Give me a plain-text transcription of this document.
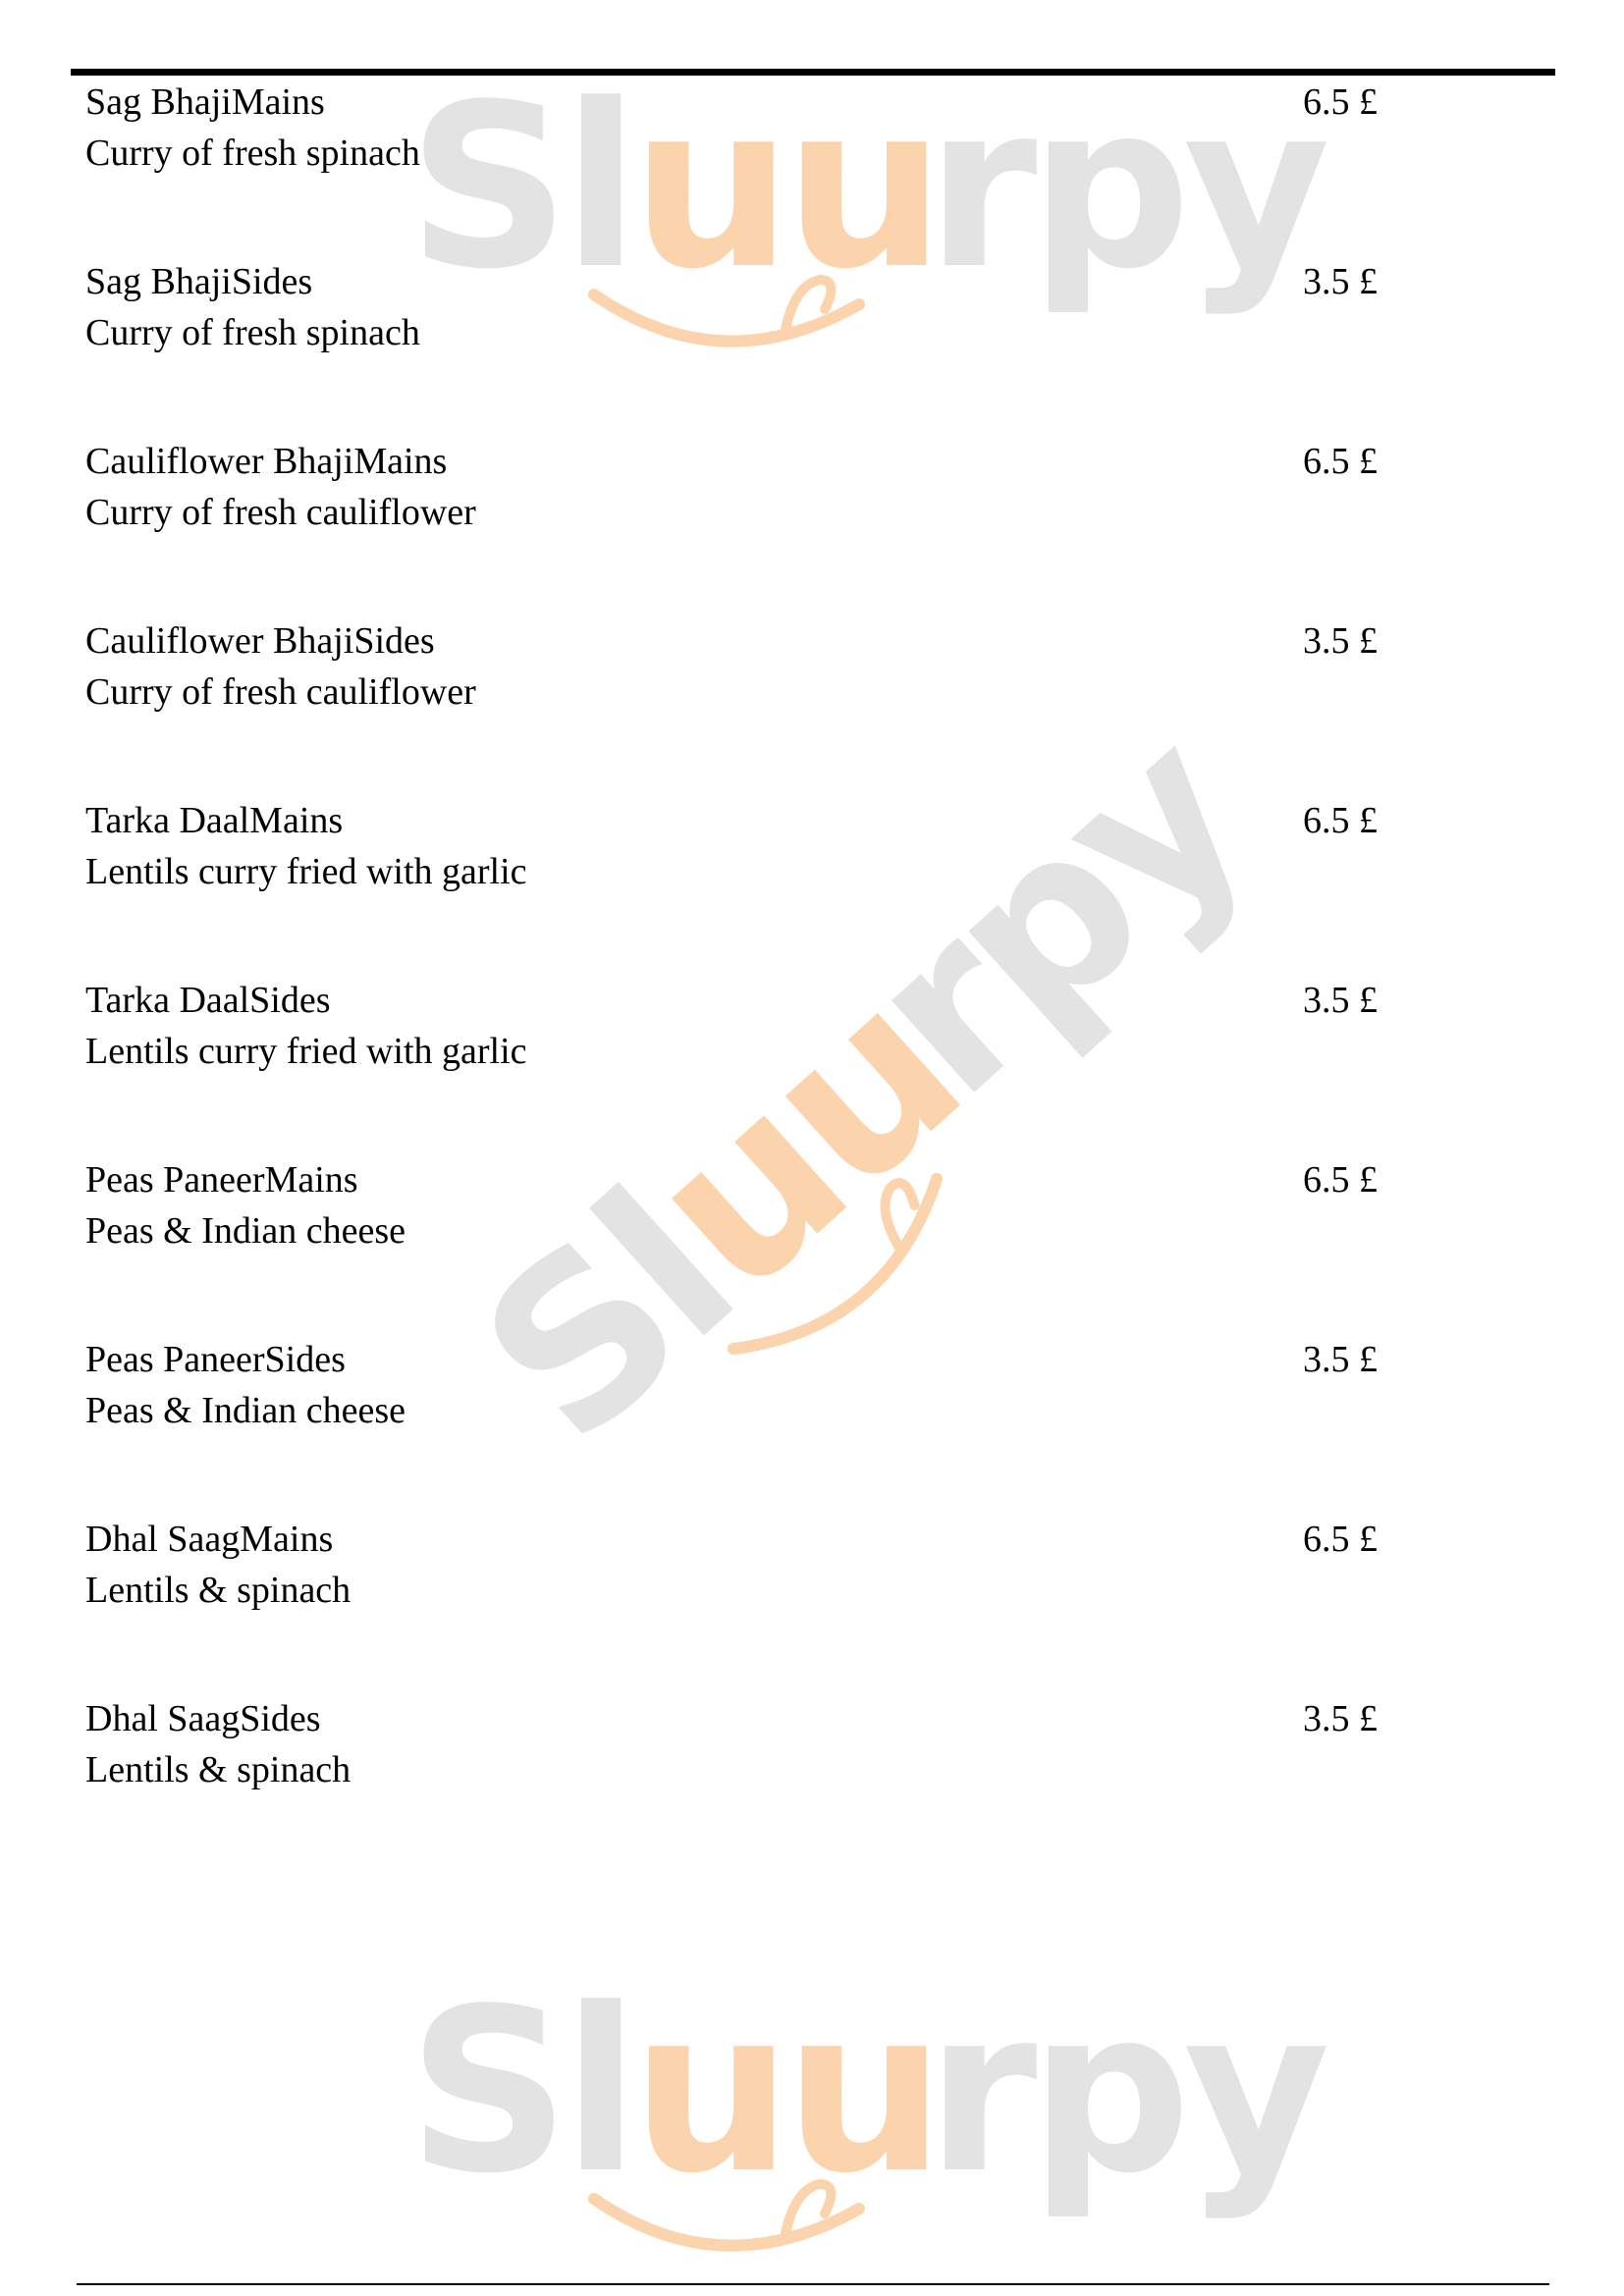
Sl uu
rpy
Sl
uu
rpy
Sl uu
rpy
Sag BhajiMains
Curry of fresh spinach
6.5 £
Sag BhajiSides
Curry of fresh spinach
3.5 £
Cauliflower BhajiMains
Curry of fresh cauliflower
6.5 £
Cauliflower BhajiSides
Curry of fresh cauliflower
3.5 £
Tarka DaalMains
Lentils curry fried with garlic
6.5 £
Tarka DaalSides
Lentils curry fried with garlic
3.5 £
Peas PaneerMains
Peas & Indian cheese
6.5 £
Peas PaneerSides
Peas & Indian cheese
3.5 £
Dhal SaagMains
Lentils & spinach
6.5 £
Dhal SaagSides
Lentils & spinach
3.5 £
